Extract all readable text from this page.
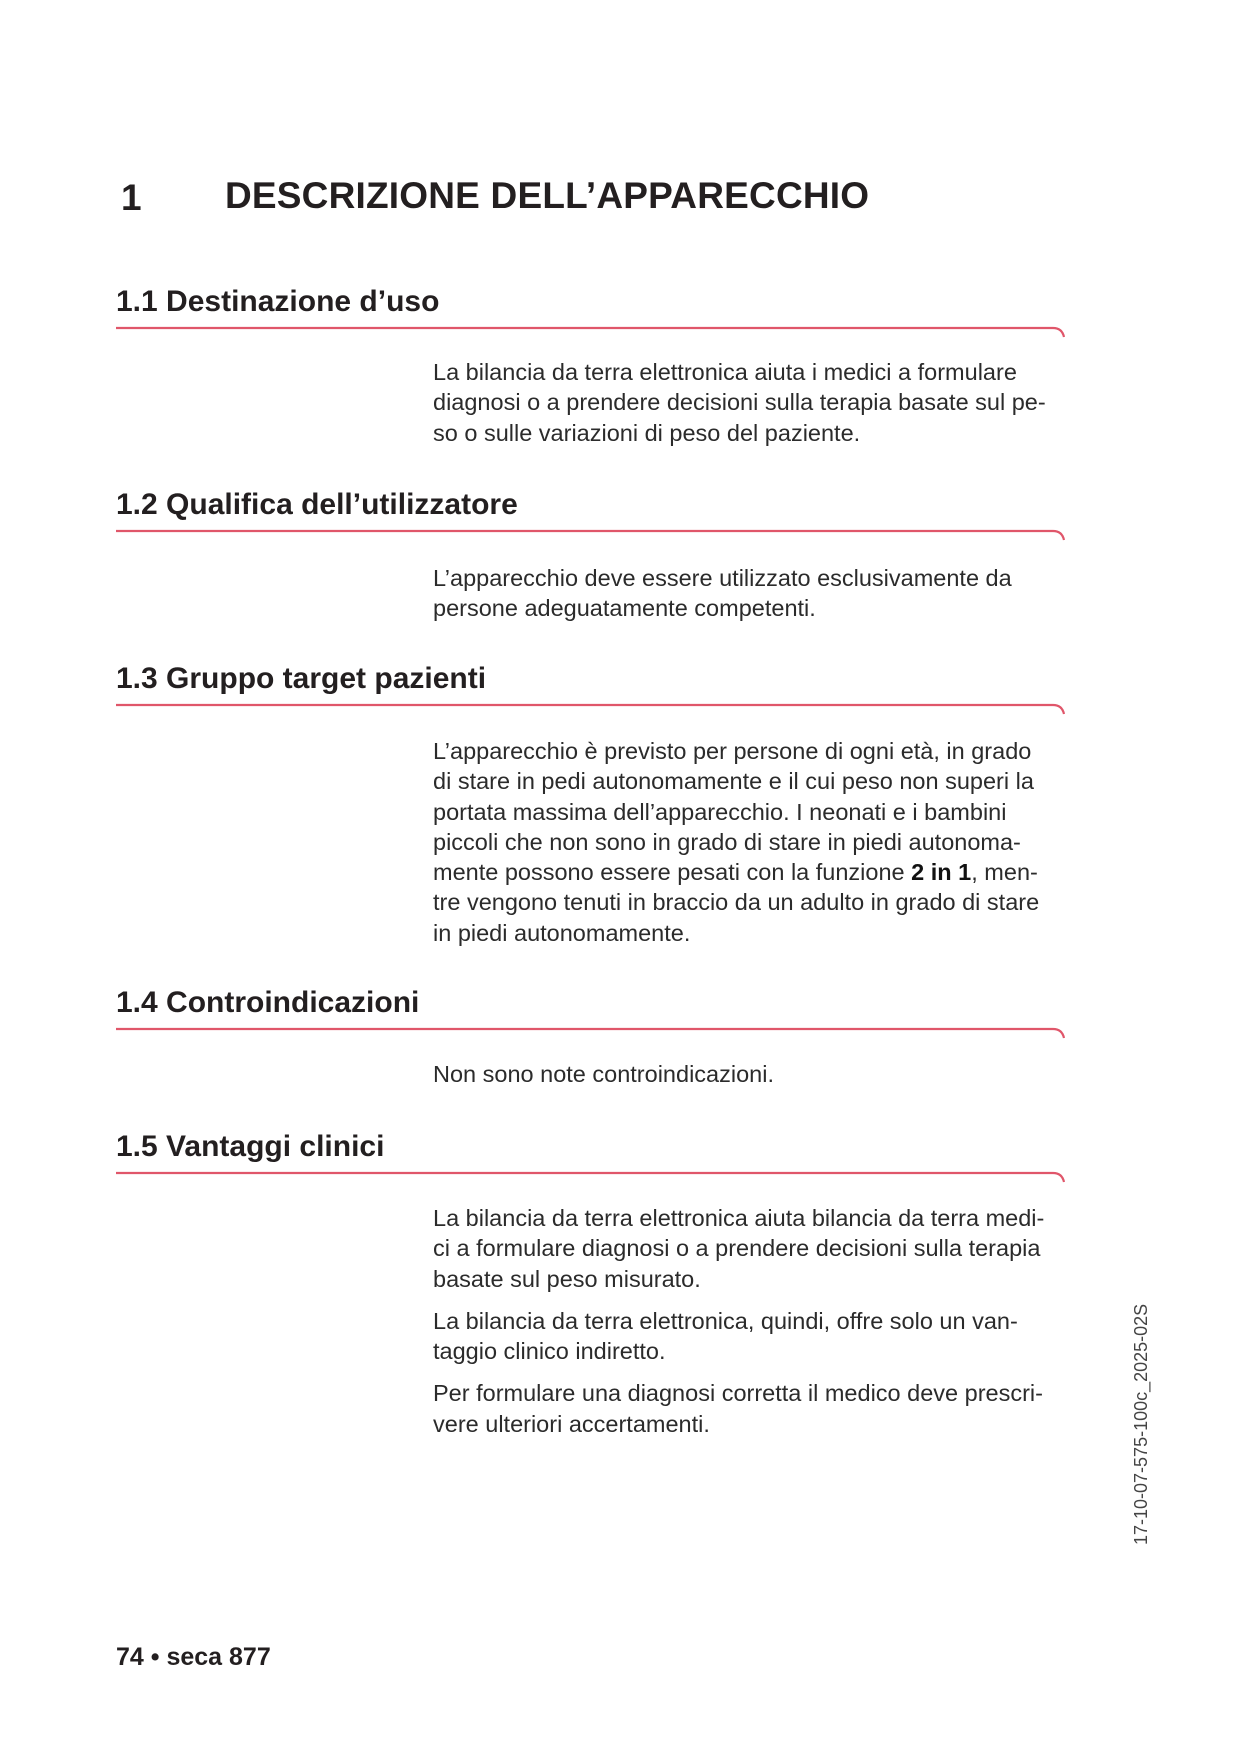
1 DESCRIZIONE DELL’APPARECCHIO
1.1 Destinazione d’uso

La bilancia da terra elettronica aiuta i medici a formulare
diagnosi o a prendere decisioni sulla terapia basate sul pe-
so o sulle variazioni di peso del paziente.

1.2 Qualifica dell’utilizzatore

L’apparecchio deve essere utilizzato esclusivamente da
persone adeguatamente competenti.

1.3 Gruppo target pazienti

L’apparecchio è previsto per persone di ogni età, in grado
di stare in pedi autonomamente e il cui peso non superi la
portata massima dell’apparecchio. I neonati e i bambini
piccoli che non sono in grado di stare in piedi autonoma-
mente possono essere pesati con la funzione 2 in 1, men-
tre vengono tenuti in braccio da un adulto in grado di stare
in piedi autonomamente.

1.4 Controindicazioni

Non sono note controindicazioni.

1.5 Vantaggi clinici

La bilancia da terra elettronica aiuta bilancia da terra medi-
ci a formulare diagnosi o a prendere decisioni sulla terapia
basate sul peso misurato.

La bilancia da terra elettronica, quindi, offre solo un van-
taggio clinico indiretto.

Per formulare una diagnosi corretta il medico deve prescri-
vere ulteriori accertamenti.	17-10-07-575-100c_2025-02S
74 • seca 877
